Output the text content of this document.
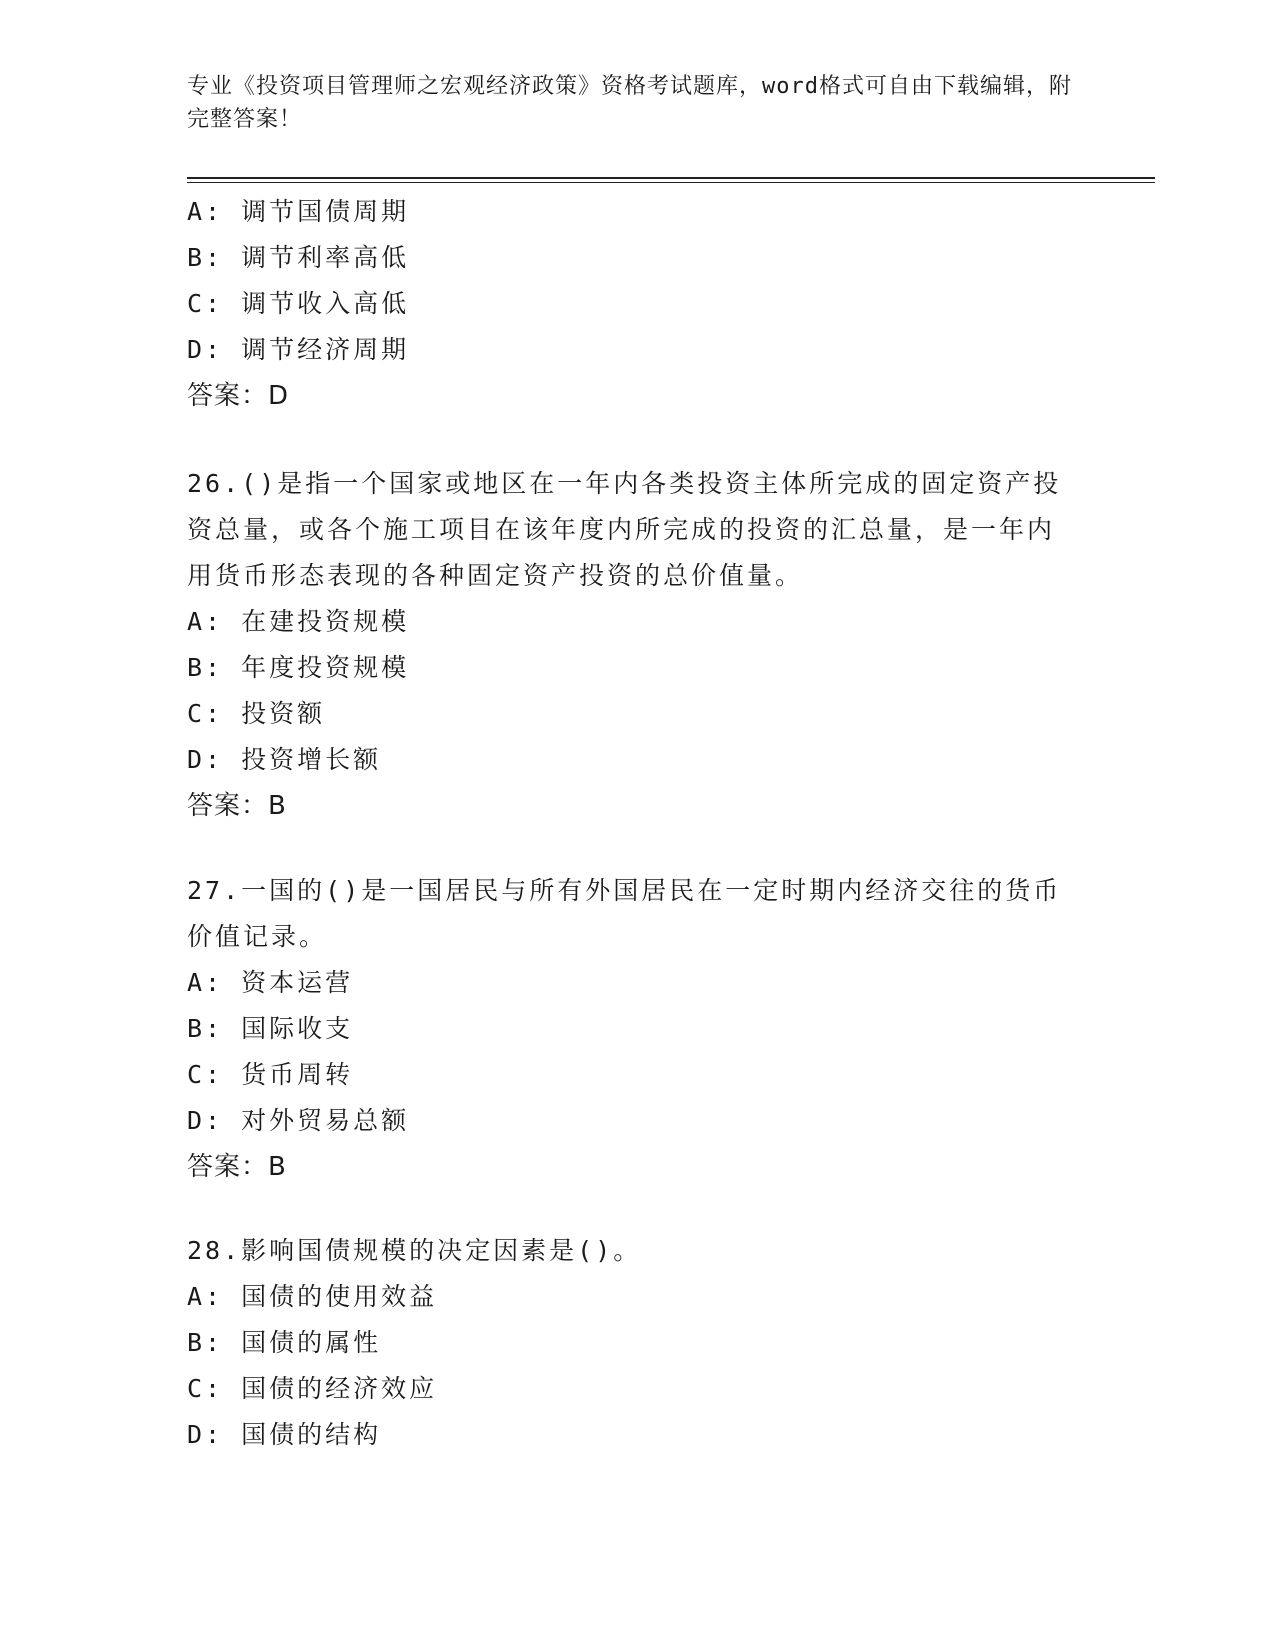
专业《投资项目管理师之宏观经济政策》资格考试题库，word格式可自由下载编辑，附完整答案！
A: 调节国债周期
B: 调节利率高低
C: 调节收入高低
D: 调节经济周期
答案：D
26.()是指一个国家或地区在一年内各类投资主体所完成的固定资产投资总量，或各个施工项目在该年度内所完成的投资的汇总量，是一年内用货币形态表现的各种固定资产投资的总价值量。
A: 在建投资规模
B: 年度投资规模
C: 投资额
D: 投资增长额
答案：B
27.一国的()是一国居民与所有外国居民在一定时期内经济交往的货币价值记录。
A: 资本运营
B: 国际收支
C: 货币周转
D: 对外贸易总额
答案：B
28.影响国债规模的决定因素是()。
A: 国债的使用效益
B: 国债的属性
C: 国债的经济效应
D: 国债的结构
